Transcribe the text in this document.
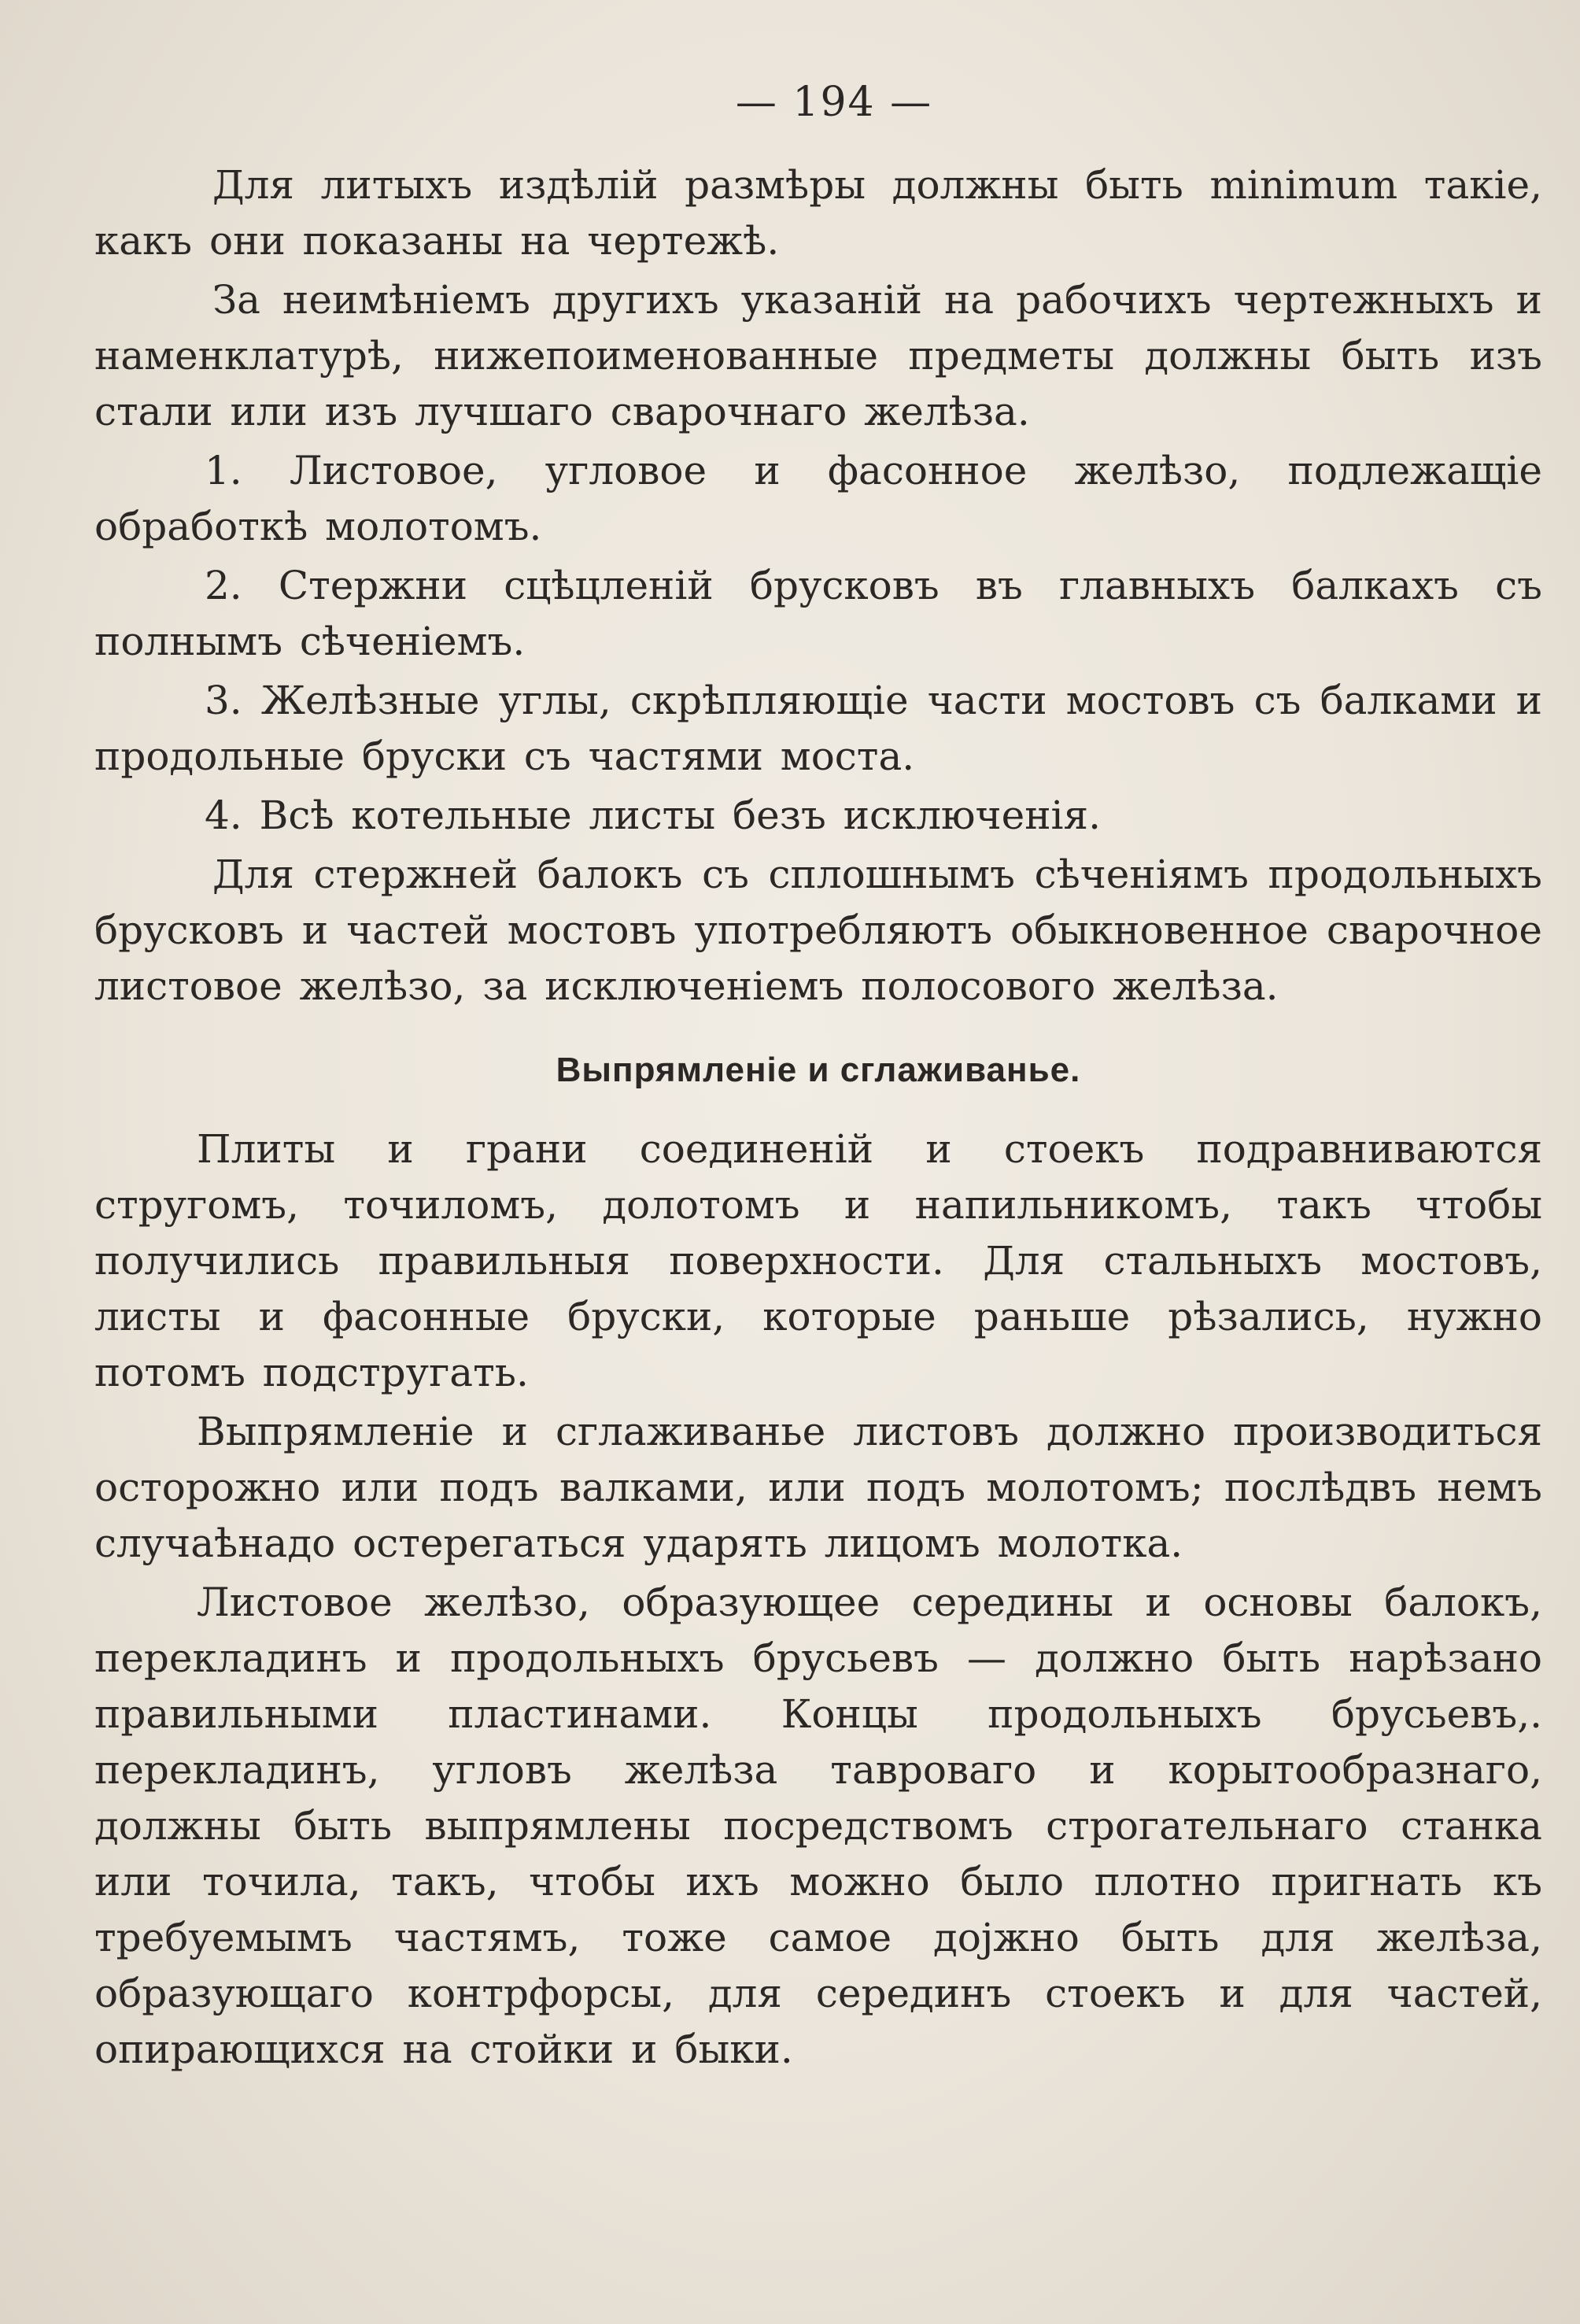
— 194 —

Для литыхъ издѣлій размѣры должны быть minimum такіе, какъ они показаны на чертежѣ.

За неимѣніемъ другихъ указаній на рабочихъ чертежныхъ и наменклатурѣ, нижепоименованные предметы должны быть изъ стали или изъ лучшаго сварочнаго желѣза.

1. Листовое, угловое и фасонное желѣзо, подлежащіе обработкѣ молотомъ.

2. Стержни сцѣцленій брусковъ въ главныхъ балкахъ съ полнымъ сѣченіемъ.

3. Желѣзные углы, скрѣпляющіе части мостовъ съ балками и продольные бруски съ частями моста.

4. Всѣ котельные листы безъ исключенія.

Для стержней балокъ съ сплошнымъ сѣченіямъ продольныхъ брусковъ и частей мостовъ употребляютъ обыкновенное сварочное листовое желѣзо, за исключеніемъ полосового желѣза.

Выпрямленіе и сглаживанье.

Плиты и грани соединеній и стоекъ подравниваются стругомъ, точиломъ, долотомъ и напильникомъ, такъ чтобы получились правильныя поверхности. Для стальныхъ мостовъ, листы и фасонные бруски, которые раньше рѣзались, нужно потомъ подстругать.

Выпрямленіе и сглаживанье листовъ должно производиться осторожно или подъ валками, или подъ молотомъ; послѣдвъ немъ случаѣнадо остерегаться ударять лицомъ молотка.

Листовое желѣзо, образующее середины и основы балокъ, перекладинъ и продольныхъ брусьевъ — должно быть нарѣзано правильными пластинами. Концы продольныхъ брусьевъ,. перекладинъ, угловъ желѣза тавроваго и корытообразнаго, должны быть выпрямлены посредствомъ строгательнаго станка или точила, такъ, чтобы ихъ можно было плотно пригнать къ требуемымъ частямъ, тоже самое доjжно быть для желѣза, образующаго контрфорсы, для серединъ стоекъ и для частей, опирающихся на стойки и быки.
